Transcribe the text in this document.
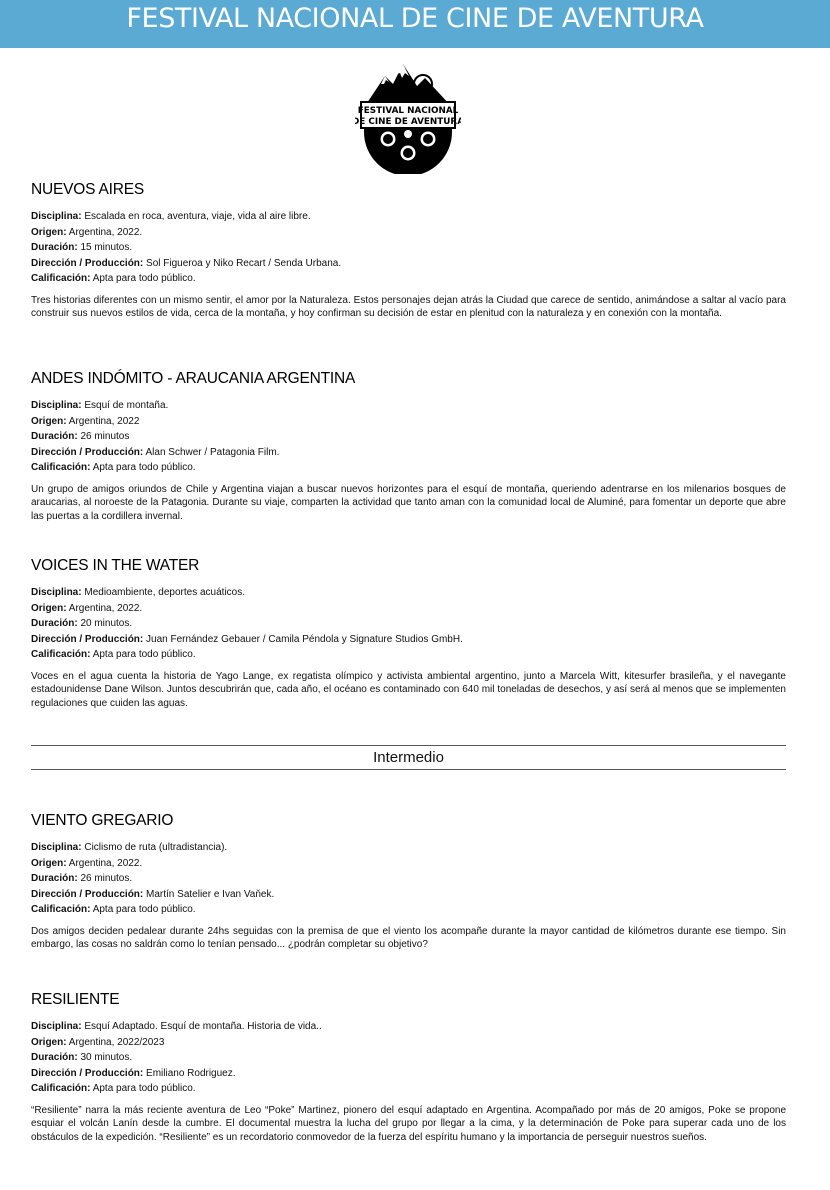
FESTIVAL NACIONAL DE CINE DE AVENTURA
FESTIVAL NACIONAL
DE CINE DE AVENTURA
NUEVOS AIRES
Disciplina: Escalada en roca, aventura, viaje, vida al aire libre.
Origen: Argentina, 2022.
Duración: 15 minutos.
Dirección / Producción: Sol Figueroa y Niko Recart / Senda Urbana.
Calificación: Apta para todo público.

Tres historias diferentes con un mismo sentir, el amor por la Naturaleza. Estos personajes dejan atrás la Ciudad que carece de sentido, animándose a saltar al vacío para construir sus nuevos estilos de vida, cerca de la montaña, y hoy confirman su decisión de estar en plenitud con la naturaleza y en conexión con la montaña.

ANDES INDÓMITO - ARAUCANIA ARGENTINA
Disciplina: Esquí de montaña.
Origen: Argentina, 2022
Duración: 26 minutos
Dirección / Producción: Alan Schwer / Patagonia Film.
Calificación: Apta para todo público.

Un grupo de amigos oriundos de Chile y Argentina viajan a buscar nuevos horizontes para el esquí de montaña, queriendo adentrarse en los milenarios bosques de araucarias, al noroeste de la Patagonia. Durante su viaje, comparten la actividad que tanto aman con la comunidad local de Aluminé, para fomentar un deporte que abre las puertas a la cordillera invernal.

VOICES IN THE WATER
Disciplina: Medioambiente, deportes acuáticos.
Origen: Argentina, 2022.
Duración: 20 minutos.
Dirección / Producción: Juan Fernández Gebauer / Camila Péndola y Signature Studios GmbH.
Calificación: Apta para todo público.

Voces en el agua cuenta la historia de Yago Lange, ex regatista olímpico y activista ambiental argentino, junto a Marcela Witt, kitesurfer brasileña, y el navegante estadounidense Dane Wilson. Juntos descubrirán que, cada año, el océano es contaminado con 640 mil toneladas de desechos, y así será al menos que se implementen regulaciones que cuiden las aguas.

Intermedio
VIENTO GREGARIO
Disciplina: Ciclismo de ruta (ultradistancia).
Origen: Argentina, 2022.
Duración: 26 minutos.
Dirección / Producción: Martín Satelier e Ivan Vaňek.
Calificación: Apta para todo público.

Dos amigos deciden pedalear durante 24hs seguidas con la premisa de que el viento los acompañe durante la mayor cantidad de kilómetros durante ese tiempo. Sin embargo, las cosas no saldrán como lo tenían pensado... ¿podrán completar su objetivo?

RESILIENTE
Disciplina: Esquí Adaptado. Esquí de montaña. Historia de vida..
Origen: Argentina, 2022/2023
Duración: 30 minutos.
Dirección / Producción: Emiliano Rodriguez.
Calificación: Apta para todo público.

“Resiliente” narra la más reciente aventura de Leo “Poke” Martinez, pionero del esquí adaptado en Argentina. Acompañado por más de 20 amigos, Poke se propone esquiar el volcán Lanín desde la cumbre. El documental muestra la lucha del grupo por llegar a la cima, y la determinación de Poke para superar cada uno de los obstáculos de la expedición. “Resiliente” es un recordatorio conmovedor de la fuerza del espíritu humano y la importancia de perseguir nuestros sueños.
